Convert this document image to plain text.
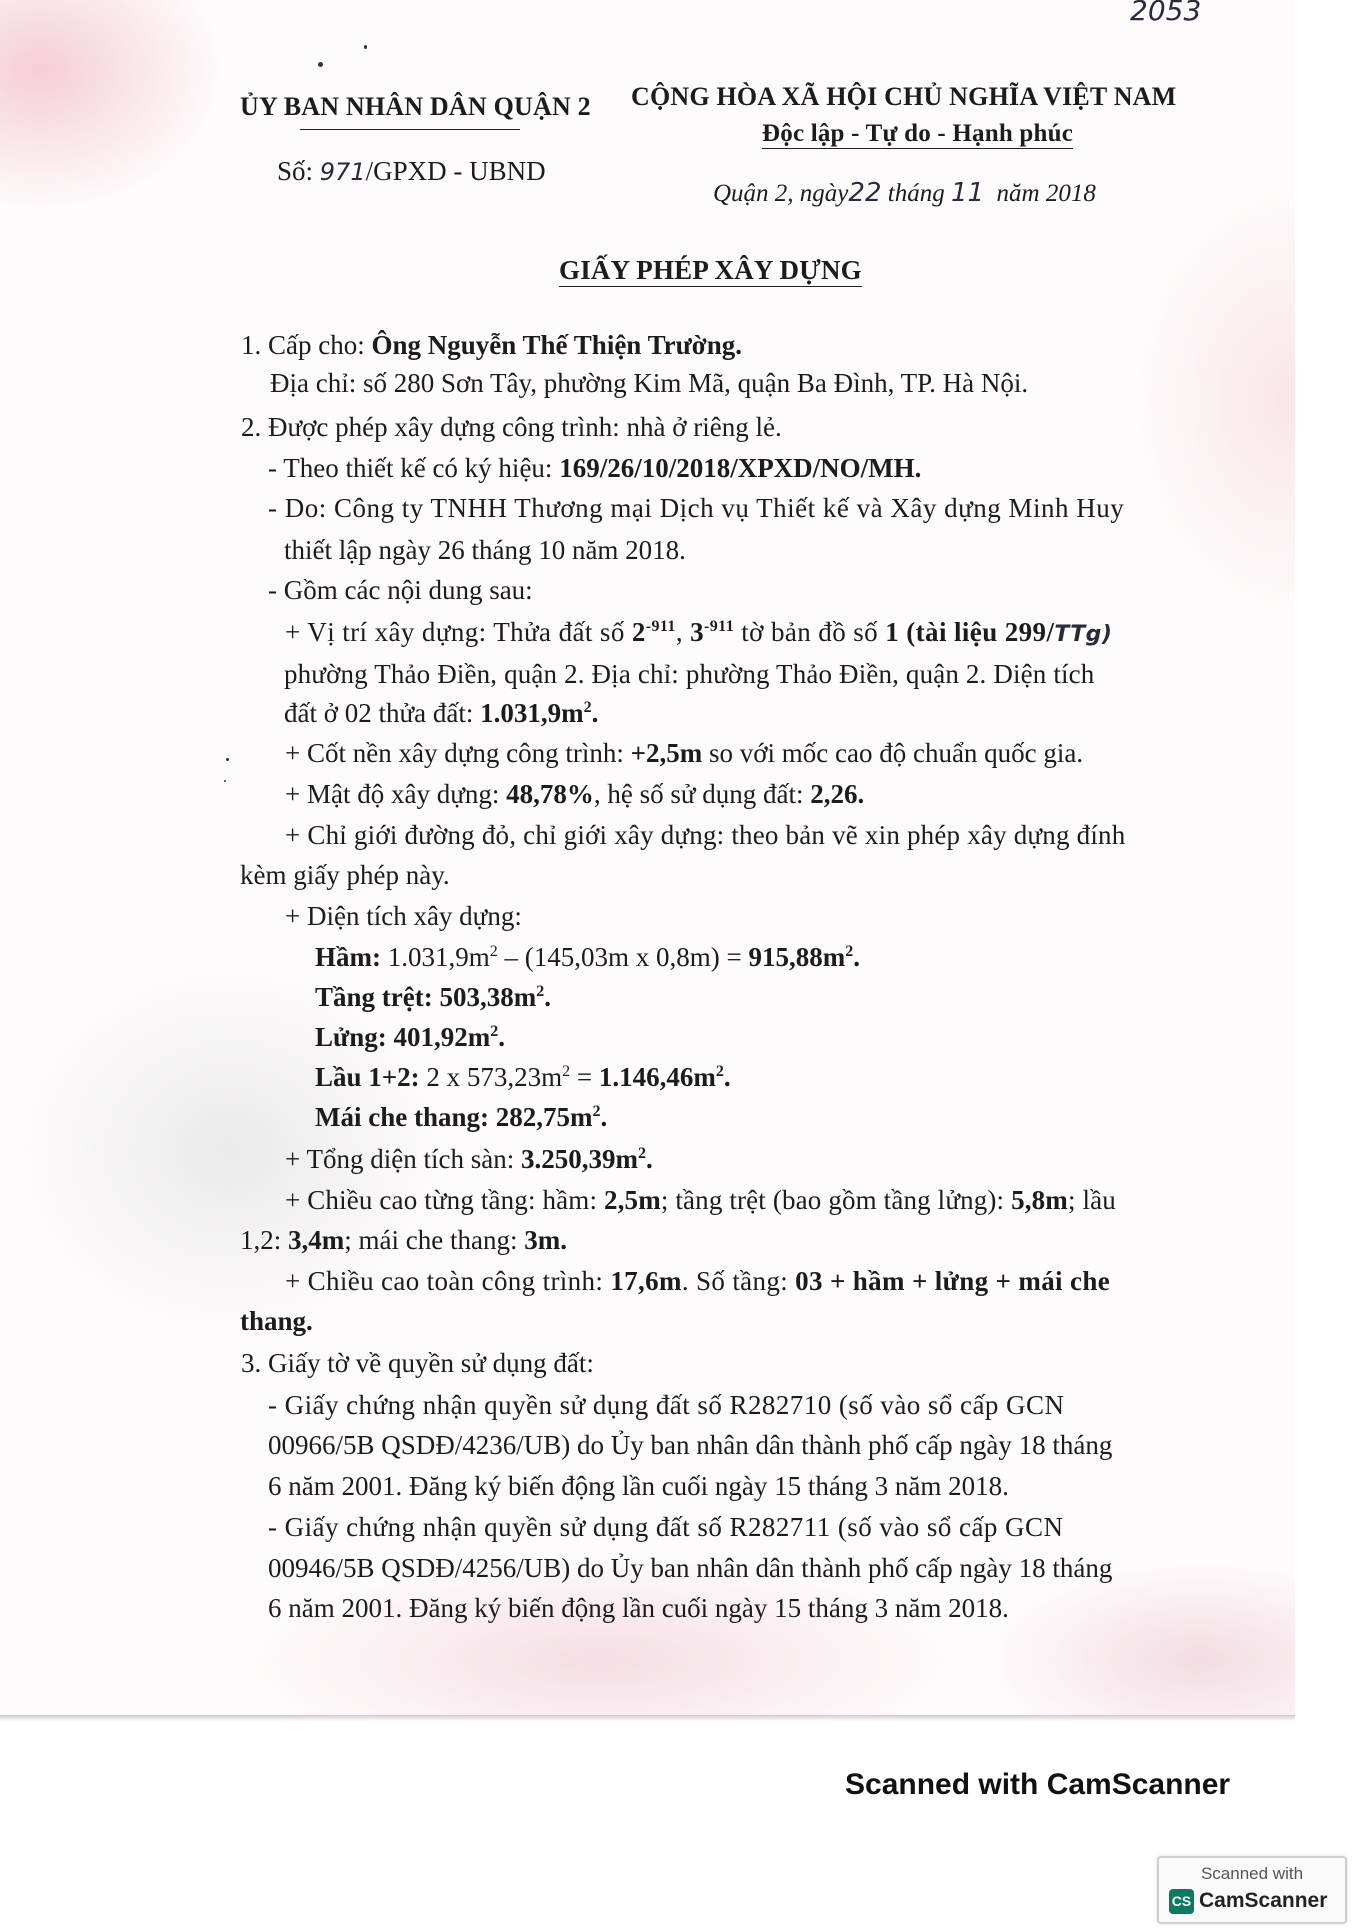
2053
ỦY BAN NHÂN DÂN QUẬN 2 CỘNG HÒA XÃ HỘI CHỦ NGHĨA VIỆT NAM
Độc lập - Tự do - Hạnh phúc
Số: 971/GPXD - UBND
Quận 2, ngày22 tháng 11 năm 2018
GIẤY PHÉP XÂY DỰNG
1. Cấp cho: Ông Nguyễn Thế Thiện Trường.
Địa chỉ: số 280 Sơn Tây, phường Kim Mã, quận Ba Đình, TP. Hà Nội.
2. Được phép xây dựng công trình: nhà ở riêng lẻ.
- Theo thiết kế có ký hiệu: 169/26/10/2018/XPXD/NO/MH.
- Do: Công ty TNHH Thương mại Dịch vụ Thiết kế và Xây dựng Minh Huy
thiết lập ngày 26 tháng 10 năm 2018.
- Gồm các nội dung sau:
+ Vị trí xây dựng: Thửa đất số $2^{-911}$, $3^{-911}$ tờ bản đồ số 1 (tài liệu 299/TTg)
phường Thảo Điền, quận 2. Địa chỉ: phường Thảo Điền, quận 2. Diện tích
đất ở 02 thửa đất: $1.031,9m^2$.
+ Cốt nền xây dựng công trình: +2,5m so với mốc cao độ chuẩn quốc gia.
+ Mật độ xây dựng: 48,78%, hệ số sử dụng đất: 2,26.
+ Chỉ giới đường đỏ, chỉ giới xây dựng: theo bản vẽ xin phép xây dựng đính
kèm giấy phép này.
+ Diện tích xây dựng:
Hầm: $1.031,9m^2 - (145,03m$ x $0,8m) = 915,88m^2$.
Tầng trệt: $503,38m^2$.
Lửng: $401,92m^2$.
Lầu 1+2: 2 x $573,23m^2 = 1.146,46m^2$.
Mái che thang: $282,75m^2$.
+ Tổng diện tích sàn: $3.250,39m^2$.
+ Chiều cao từng tầng: hầm: 2,5m; tầng trệt (bao gồm tầng lửng): 5,8m; lầu
1,2: 3,4m; mái che thang: 3m.
+ Chiều cao toàn công trình: 17,6m. Số tầng: 03 + hầm + lửng + mái che
thang.
3. Giấy tờ về quyền sử dụng đất:
- Giấy chứng nhận quyền sử dụng đất số R282710 (số vào sổ cấp GCN
00966/5B QSDĐ/4236/UB) do Ủy ban nhân dân thành phố cấp ngày 18 tháng
6 năm 2001. Đăng ký biến động lần cuối ngày 15 tháng 3 năm 2018.
- Giấy chứng nhận quyền sử dụng đất số R282711 (số vào sổ cấp GCN
00946/5B QSDĐ/4256/UB) do Ủy ban nhân dân thành phố cấp ngày 18 tháng
6 năm 2001. Đăng ký biến động lần cuối ngày 15 tháng 3 năm 2018.
Scanned with CamScanner
Scanned with
CS CamScanner
